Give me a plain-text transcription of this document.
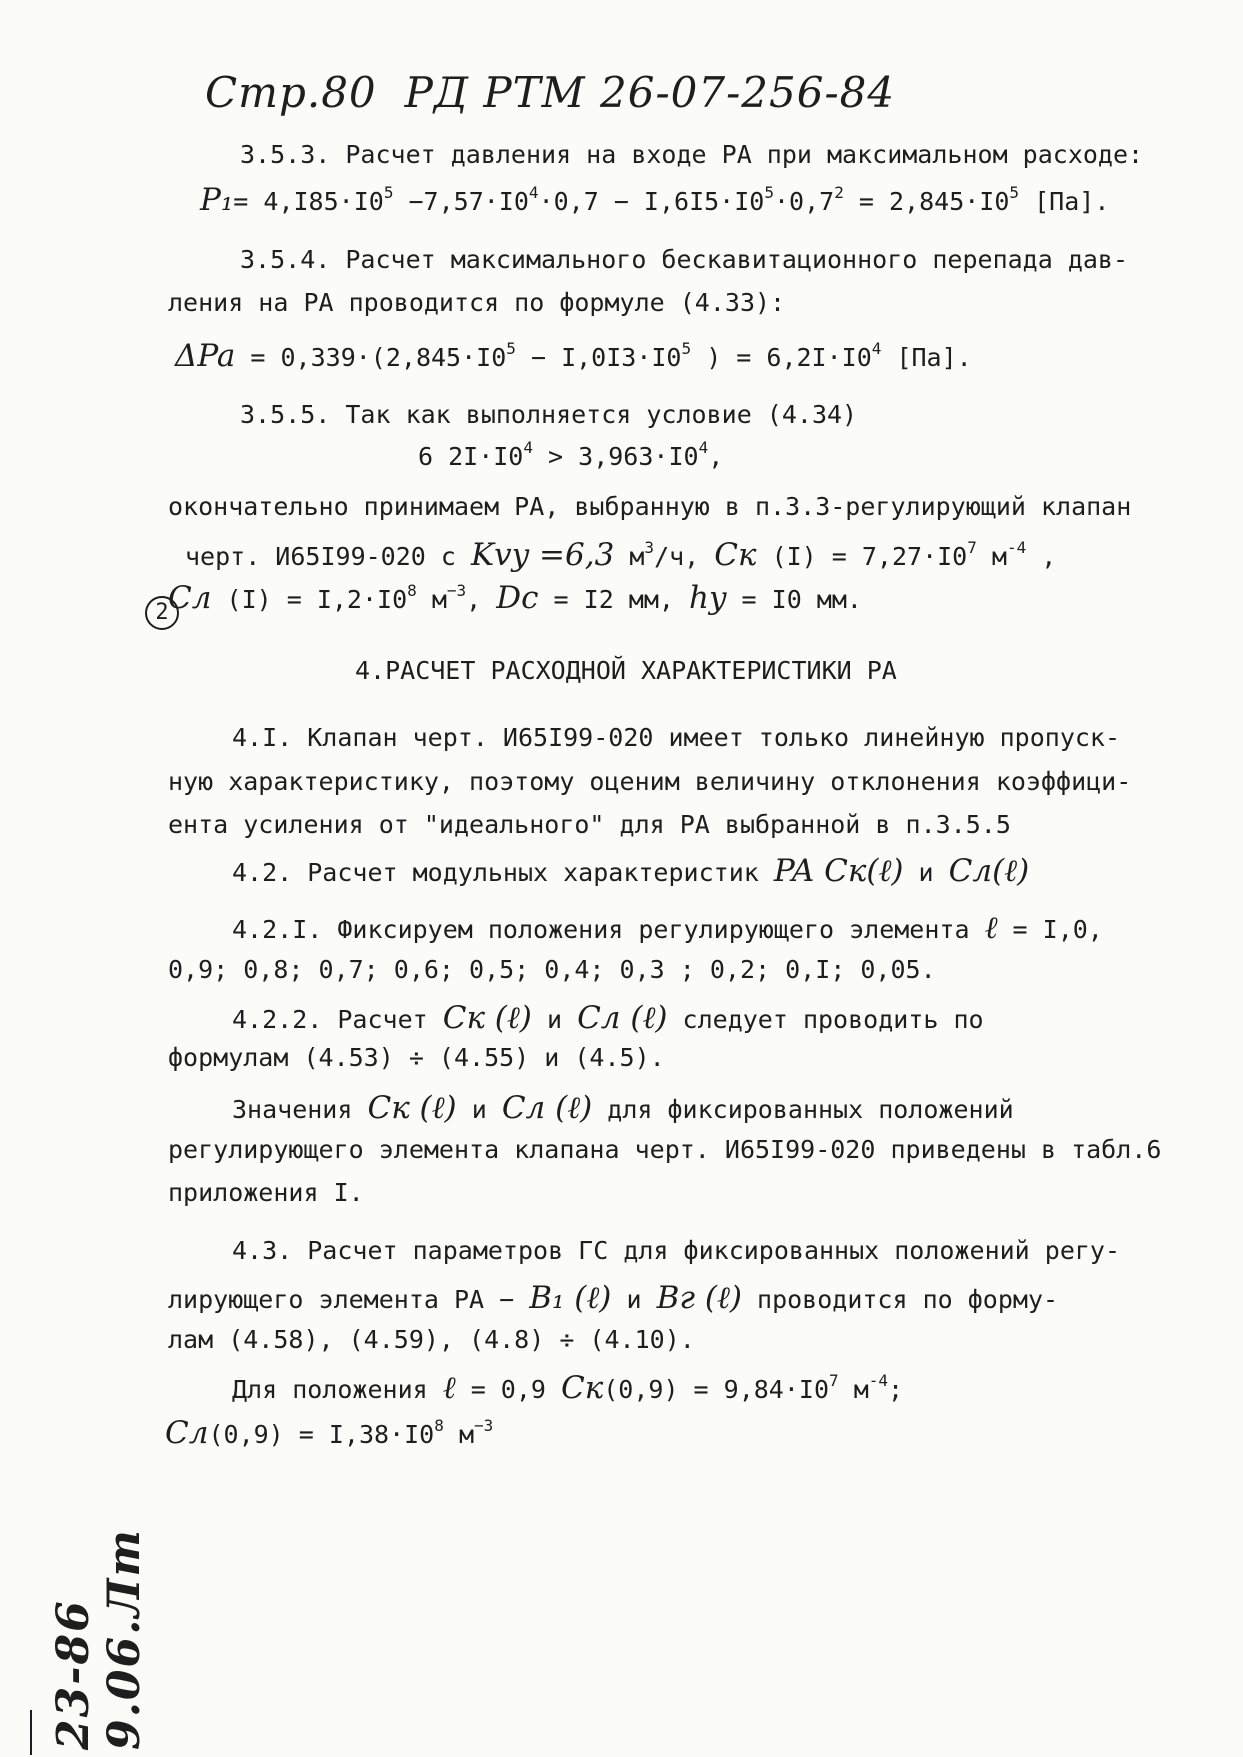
Стр.80 РД РТМ 26-07-256-84
3.5.3. Расчет давления на входе РА при максимальном расходе:
$P_1= 4,I85\cdot I0^5 -7,57\cdot I0^4\cdot 0,7 - I,6I5\cdot I0^5\cdot 0,7^2 = 2,845\cdot I0^5$ [Па].
3.5.4. Расчет максимального бескавитационного перепада дав-
ления на РА проводится по формуле (4.33):
$\Delta Pa = 0,339\cdot(2,845\cdot I0^5 - I,0I3\cdot I0^5$ ) = $6,2I\cdot I0^4$ [Па].
3.5.5. Так как выполняется условие (4.34)
6 $2I\cdot I0^4 > 3,963\cdot I0^4$,
окончательно принимаем РА, выбранную в п.3.3-регулирующий клапан
2
черт. И65I99-020 с Kvy =6,3 $м^3/ч$, Cк $(I) = 7,27\cdot I0^7$ $м^{-4}$ ,
Cл $(I) = I,2\cdot I0^8$ $м^{-3}$, Dc = I2 мм, hy = I0 мм.
4.РАСЧЕТ РАСХОДНОЙ ХАРАКТЕРИСТИКИ РА
4.I. Клапан черт. И65I99-020 имеет только линейную пропуск-
ную характеристику, поэтому оценим величину отклонения коэффици-
ента усиления от "идеального" для РА выбранной в п.3.5.5
4.2. Расчет модульных характеристик PA Cк(ℓ) и Cл(ℓ)
4.2.I. Фиксируем положения регулирующего элемента ℓ = I,0,
0,9; 0,8; 0,7; 0,6; 0,5; 0,4; 0,3 ; 0,2; 0,I; 0,05.
4.2.2. Расчет Cк (ℓ) и Cл (ℓ) следует проводить по
формулам (4.53) ÷ (4.55) и (4.5).
Значения Cк (ℓ) и Cл (ℓ) для фиксированных положений
регулирующего элемента клапана черт. И65I99-020 приведены в табл.6
приложения I.
4.3. Расчет параметров ГС для фиксированных положений регу-
лирующего элемента РА − B₁ (ℓ) и Bг (ℓ) проводится по форму-
лам (4.58), (4.59), (4.8) ÷ (4.10).
Для положения ℓ = 0,9 $Cк(0,9) = 9,84\cdot I0^7$ $м^{-4}$;
$Cл(0,9) = I,38\cdot I0^8$ $м^{-3}$
23-86 9.06.Лт
